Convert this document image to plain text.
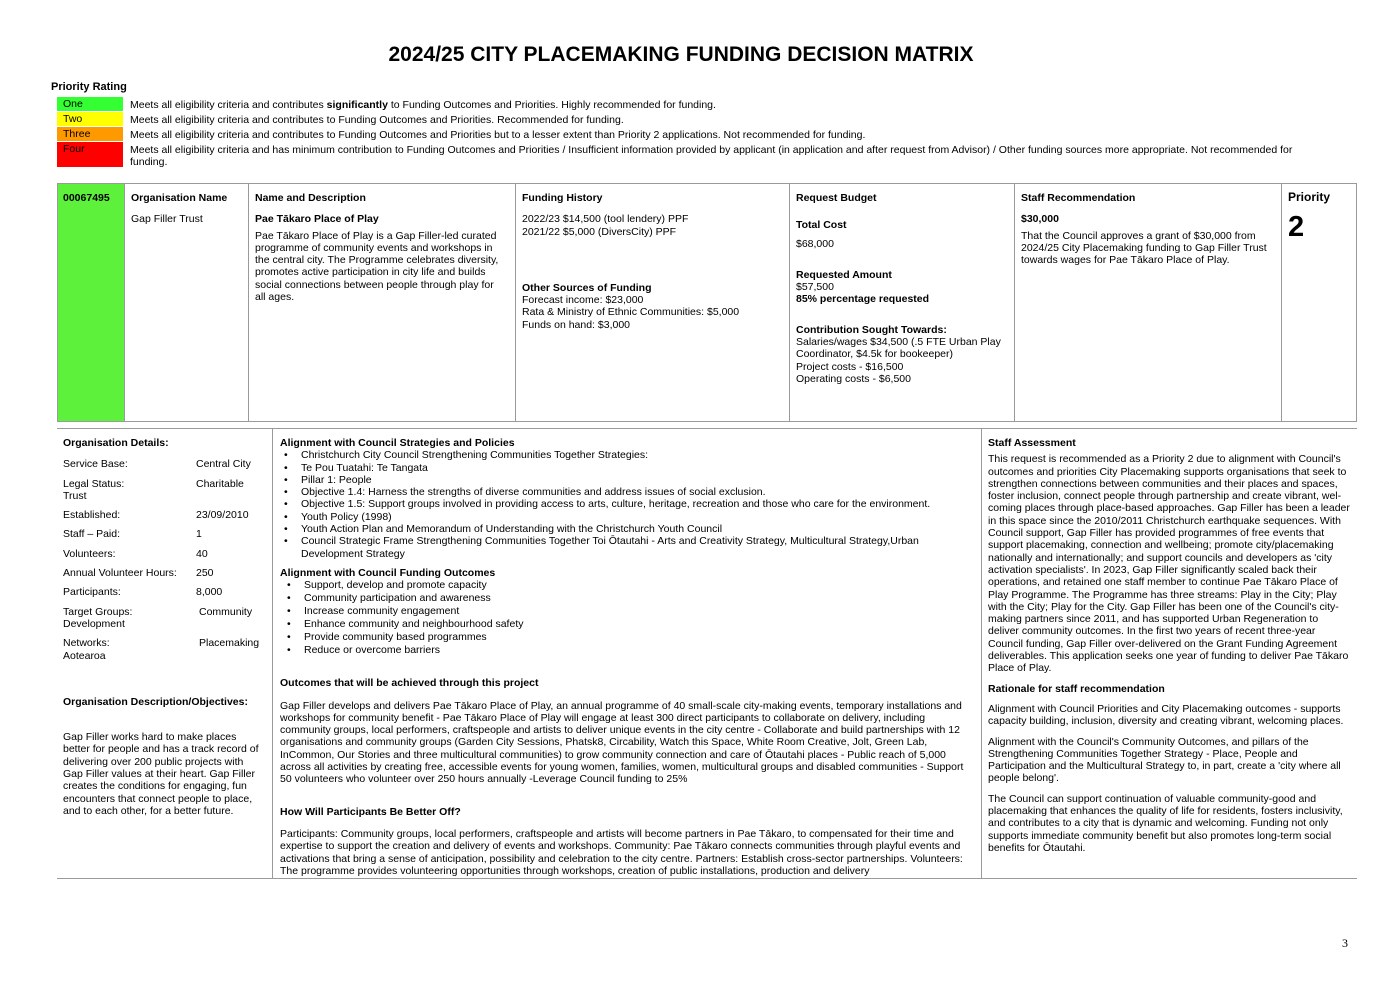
2024/25 CITY PLACEMAKING FUNDING DECISION MATRIX
Priority Rating
One	Meets all eligibility criteria and contributes significantly to Funding Outcomes and Priorities. Highly recommended for funding.
Two	Meets all eligibility criteria and contributes to Funding Outcomes and Priorities. Recommended for funding.
Three	Meets all eligibility criteria and contributes to Funding Outcomes and Priorities but to a lesser extent than Priority 2 applications. Not recommended for funding.
Four	Meets all eligibility criteria and has minimum contribution to Funding Outcomes and Priorities / Insufficient information provided by applicant (in application and after request from Advisor) / Other funding sources more appropriate. Not recommended for funding.
00067495 Organisation Name

Gap Filler Trust

Name and Description

Pae Tākaro Place of Play

Pae Tākaro Place of Play is a Gap Filler-led curated programme of community events and workshops in the central city. The Programme celebrates diversity, promotes active participation in city life and builds social connections between people through play for all ages.

Funding History

2022/23 $14,500 (tool lendery) PPF

2021/22 $5,000 (DiversCity) PPF

Other Sources of Funding

Forecast income: $23,000

Rata & Ministry of Ethnic Communities: $5,000

Funds on hand: $3,000

Request Budget

Total Cost

$68,000

Requested Amount

$57,500

85% percentage requested

Contribution Sought Towards:

Salaries/wages $34,500 (.5 FTE Urban Play Coordinator, $4.5k for bookeeper)

Project costs - $16,500

Operating costs - $6,500

Staff Recommendation

$30,000

That the Council approves a grant of $30,000 from 2024/25 City Placemaking funding to Gap Filler Trust towards wages for Pae Tākaro Place of Play.

Priority

2

Organisation Details:

Service Base:	Central City
Legal Status:	Charitable

Trust

Established:	23/09/2010
Staff – Paid:	1
Volunteers:	40
Annual Volunteer Hours:	250
Participants:	8,000
Target Groups:	Community

Development

Networks:	Placemaking

Aotearoa

Organisation Description/Objectives:

Gap Filler works hard to make places better for people and has a track record of delivering over 200 public projects with Gap Filler values at their heart. Gap Filler creates the conditions for engaging, fun encounters that connect people to place, and to each other, for a better future.

Alignment with Council Strategies and Policies

• Christchurch City Council Strengthening Communities Together Strategies:
• Te Pou Tuatahi: Te Tangata
• Pillar 1: People
• Objective 1.4: Harness the strengths of diverse communities and address issues of social exclusion.
• Objective 1.5: Support groups involved in providing access to arts, culture, heritage, recreation and those who care for the environment.
• Youth Policy (1998)
• Youth Action Plan and Memorandum of Understanding with the Christchurch Youth Council
• Council Strategic Frame Strengthening Communities Together Toi Ōtautahi - Arts and Creativity Strategy, Multicultural Strategy,Urban Development Strategy

Alignment with Council Funding Outcomes

• Support, develop and promote capacity
• Community participation and awareness
• Increase community engagement
• Enhance community and neighbourhood safety
• Provide community based programmes
• Reduce or overcome barriers

Outcomes that will be achieved through this project

Gap Filler develops and delivers Pae Tākaro Place of Play, an annual programme of 40 small-scale city-making events, temporary installations and workshops for community benefit - Pae Tākaro Place of Play will engage at least 300 direct participants to collaborate on delivery, including community groups, local performers, craftspeople and artists to deliver unique events in the city centre - Collaborate and build partnerships with 12 organisations and community groups (Garden City Sessions, Phatsk8, Circability, Watch this Space, White Room Creative, Jolt, Green Lab, InCommon, Our Stories and three multicultural communities) to grow community connection and care of Ōtautahi places - Public reach of 5,000 across all activities by creating free, accessible events for young women, families, women, multicultural groups and disabled communities - Support 50 volunteers who volunteer over 250 hours annually -Leverage Council funding to 25%

How Will Participants Be Better Off?

Participants: Community groups, local performers, craftspeople and artists will become partners in Pae Tākaro, to compensated for their time and expertise to support the creation and delivery of events and workshops. Community: Pae Tākaro connects communities through playful events and activations that bring a sense of anticipation, possibility and celebration to the city centre. Partners: Establish cross-sector partnerships. Volunteers: The programme provides volunteering opportunities through workshops, creation of public installations, production and delivery

Staff Assessment

This request is recommended as a Priority 2 due to alignment with Council's outcomes and priorities City Placemaking supports organisations that seek to strengthen connections between communities and their places and spaces, foster inclusion, connect people through partnership and create vibrant, wel-coming places through place-based approaches. Gap Filler has been a leader in this space since the 2010/2011 Christchurch earthquake sequences. With Council support, Gap Filler has provided programmes of free events that support placemaking, connection and wellbeing; promote city/placemaking nationally and internationally; and support councils and developers as 'city activation specialists'. In 2023, Gap Filler significantly scaled back their operations, and retained one staff member to continue Pae Tākaro Place of Play Programme. The Programme has three streams: Play in the City; Play with the City; Play for the City. Gap Filler has been one of the Council's city-making partners since 2011, and has supported Urban Regeneration to deliver community outcomes. In the first two years of recent three-year Council funding, Gap Filler over-delivered on the Grant Funding Agreement deliverables. This application seeks one year of funding to deliver Pae Tākaro Place of Play.

Rationale for staff recommendation

Alignment with Council Priorities and City Placemaking outcomes - supports capacity building, inclusion, diversity and creating vibrant, welcoming places.

Alignment with the Council's Community Outcomes, and pillars of the Strengthening Communities Together Strategy - Place, People and Participation and the Multicultural Strategy to, in part, create a 'city where all people belong'.

The Council can support continuation of valuable community-good and placemaking that enhances the quality of life for residents, fosters inclusivity, and contributes to a city that is dynamic and welcoming. Funding not only supports immediate community benefit but also promotes long-term social benefits for Ōtautahi.

3
